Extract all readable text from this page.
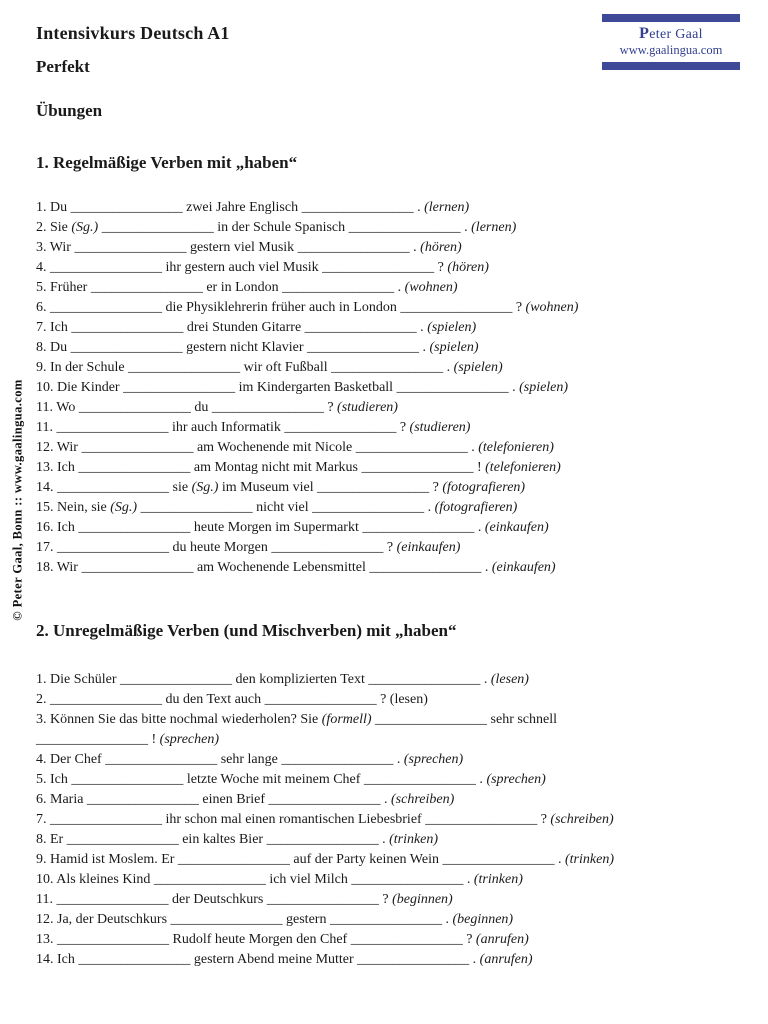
© Peter Gaal, Bonn :: www.gaalingua.com
Peter Gaal
www.gaalingua.com
Intensivkurs Deutsch A1
Perfekt
Übungen
1. Regelmäßige Verben mit „haben“
1. Du ________________ zwei Jahre Englisch ________________ . (lernen)
2. Sie (Sg.) ________________ in der Schule Spanisch ________________ . (lernen)
3. Wir ________________ gestern viel Musik ________________ . (hören)
4. ________________ ihr gestern auch viel Musik ________________ ? (hören)
5. Früher ________________ er in London ________________ . (wohnen)
6. ________________ die Physiklehrerin früher auch in London ________________ ? (wohnen)
7. Ich ________________ drei Stunden Gitarre ________________ . (spielen)
8. Du ________________ gestern nicht Klavier ________________ . (spielen)
9. In der Schule ________________ wir oft Fußball ________________ . (spielen)
10. Die Kinder ________________ im Kindergarten Basketball ________________ . (spielen)
11. Wo ________________ du ________________ ? (studieren)
11. ________________ ihr auch Informatik ________________ ? (studieren)
12. Wir ________________ am Wochenende mit Nicole ________________ . (telefonieren)
13. Ich ________________ am Montag nicht mit Markus ________________ ! (telefonieren)
14. ________________ sie (Sg.) im Museum viel ________________ ? (fotografieren)
15. Nein, sie (Sg.) ________________ nicht viel ________________ . (fotografieren)
16. Ich ________________ heute Morgen im Supermarkt ________________ . (einkaufen)
17. ________________ du heute Morgen ________________ ? (einkaufen)
18. Wir ________________ am Wochenende Lebensmittel ________________ . (einkaufen)
2. Unregelmäßige Verben (und Mischverben) mit „haben“
1. Die Schüler ________________ den komplizierten Text ________________ . (lesen)
2. ________________ du den Text auch ________________ ? (lesen)
3. Können Sie das bitte nochmal wiederholen? Sie (formell) ________________ sehr schnell
________________ ! (sprechen)
4. Der Chef ________________ sehr lange ________________ . (sprechen)
5. Ich ________________ letzte Woche mit meinem Chef ________________ . (sprechen)
6. Maria ________________ einen Brief ________________ . (schreiben)
7. ________________ ihr schon mal einen romantischen Liebesbrief ________________ ? (schreiben)
8. Er ________________ ein kaltes Bier ________________ . (trinken)
9. Hamid ist Moslem. Er ________________ auf der Party keinen Wein ________________ . (trinken)
10. Als kleines Kind ________________ ich viel Milch ________________ . (trinken)
11. ________________ der Deutschkurs ________________ ? (beginnen)
12. Ja, der Deutschkurs ________________ gestern ________________ . (beginnen)
13. ________________ Rudolf heute Morgen den Chef ________________ ? (anrufen)
14. Ich ________________ gestern Abend meine Mutter ________________ . (anrufen)
